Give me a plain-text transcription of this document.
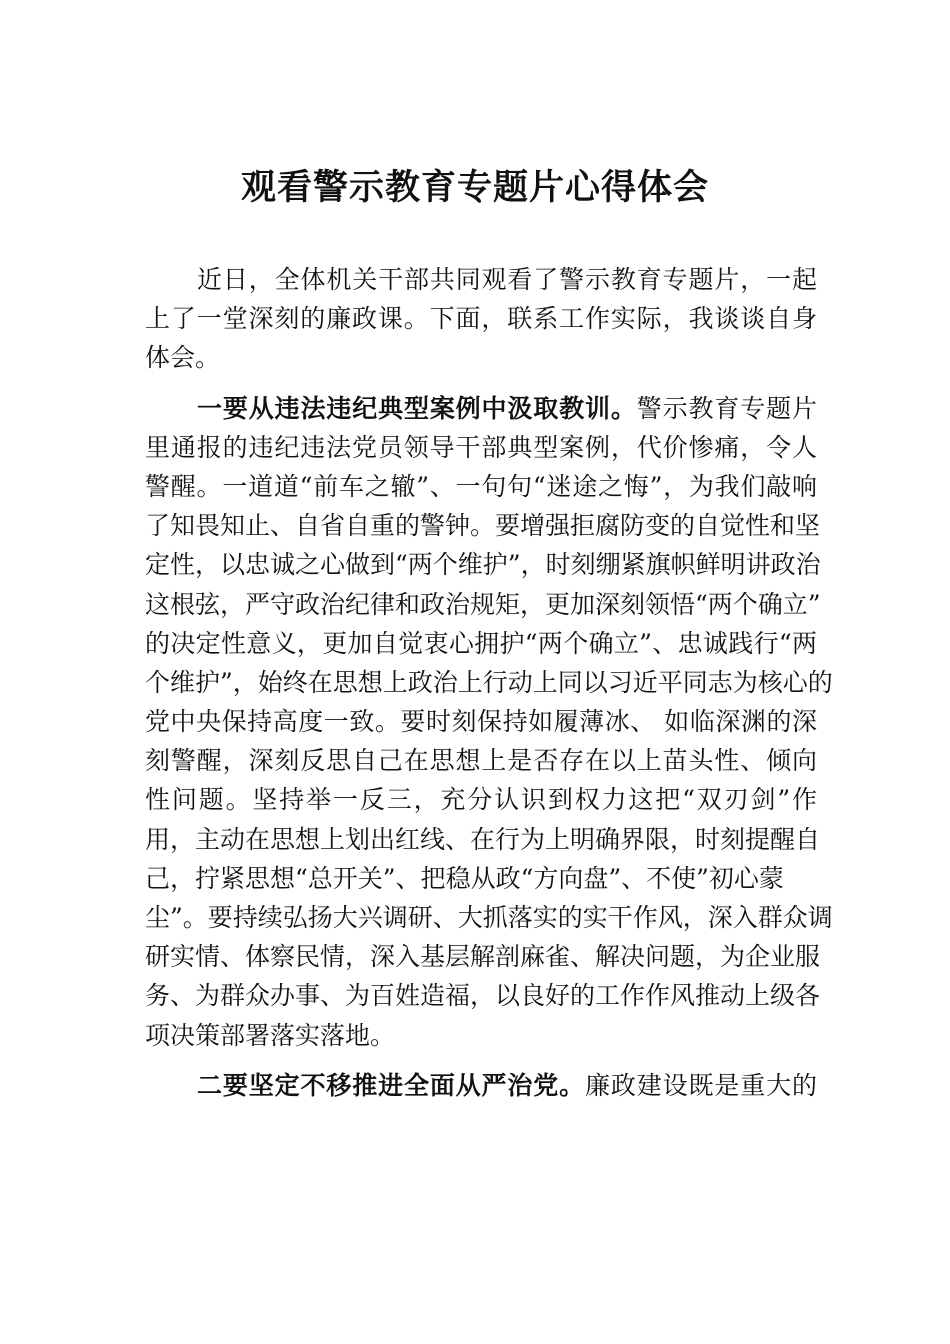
观看警示教育专题片心得体会
近日，全体机关干部共同观看了警示教育专题片，一起
上了一堂深刻的廉政课。下面，联系工作实际，我谈谈自身
体会。
一要从违法违纪典型案例中汲取教训。警示教育专题片
里通报的违纪违法党员领导干部典型案例，代价惨痛，令人
警醒。一道道“前车之辙”、一句句“迷途之悔”，为我们敲响
了知畏知止、自省自重的警钟。要增强拒腐防变的自觉性和坚
定性，以忠诚之心做到“两个维护”，时刻绷紧旗帜鲜明讲政治
这根弦，严守政治纪律和政治规矩，更加深刻领悟“两个确立”
的决定性意义，更加自觉衷心拥护“两个确立”、忠诚践行“两
个维护”，始终在思想上政治上行动上同以习近平同志为核心的
党中央保持高度一致。要时刻保持如履薄冰、 如临深渊的深
刻警醒，深刻反思自己在思想上是否存在以上苗头性、倾向
性问题。坚持举一反三，充分认识到权力这把“双刃剑”作
用，主动在思想上划出红线、在行为上明确界限，时刻提醒自
己，拧紧思想“总开关”、把稳从政“方向盘”、不使”初心蒙
尘”。要持续弘扬大兴调研、大抓落实的实干作风，深入群众调
研实情、体察民情，深入基层解剖麻雀、解决问题，为企业服
务、为群众办事、为百姓造福，以良好的工作作风推动上级各
项决策部署落实落地。
二要坚定不移推进全面从严治党。廉政建设既是重大的
